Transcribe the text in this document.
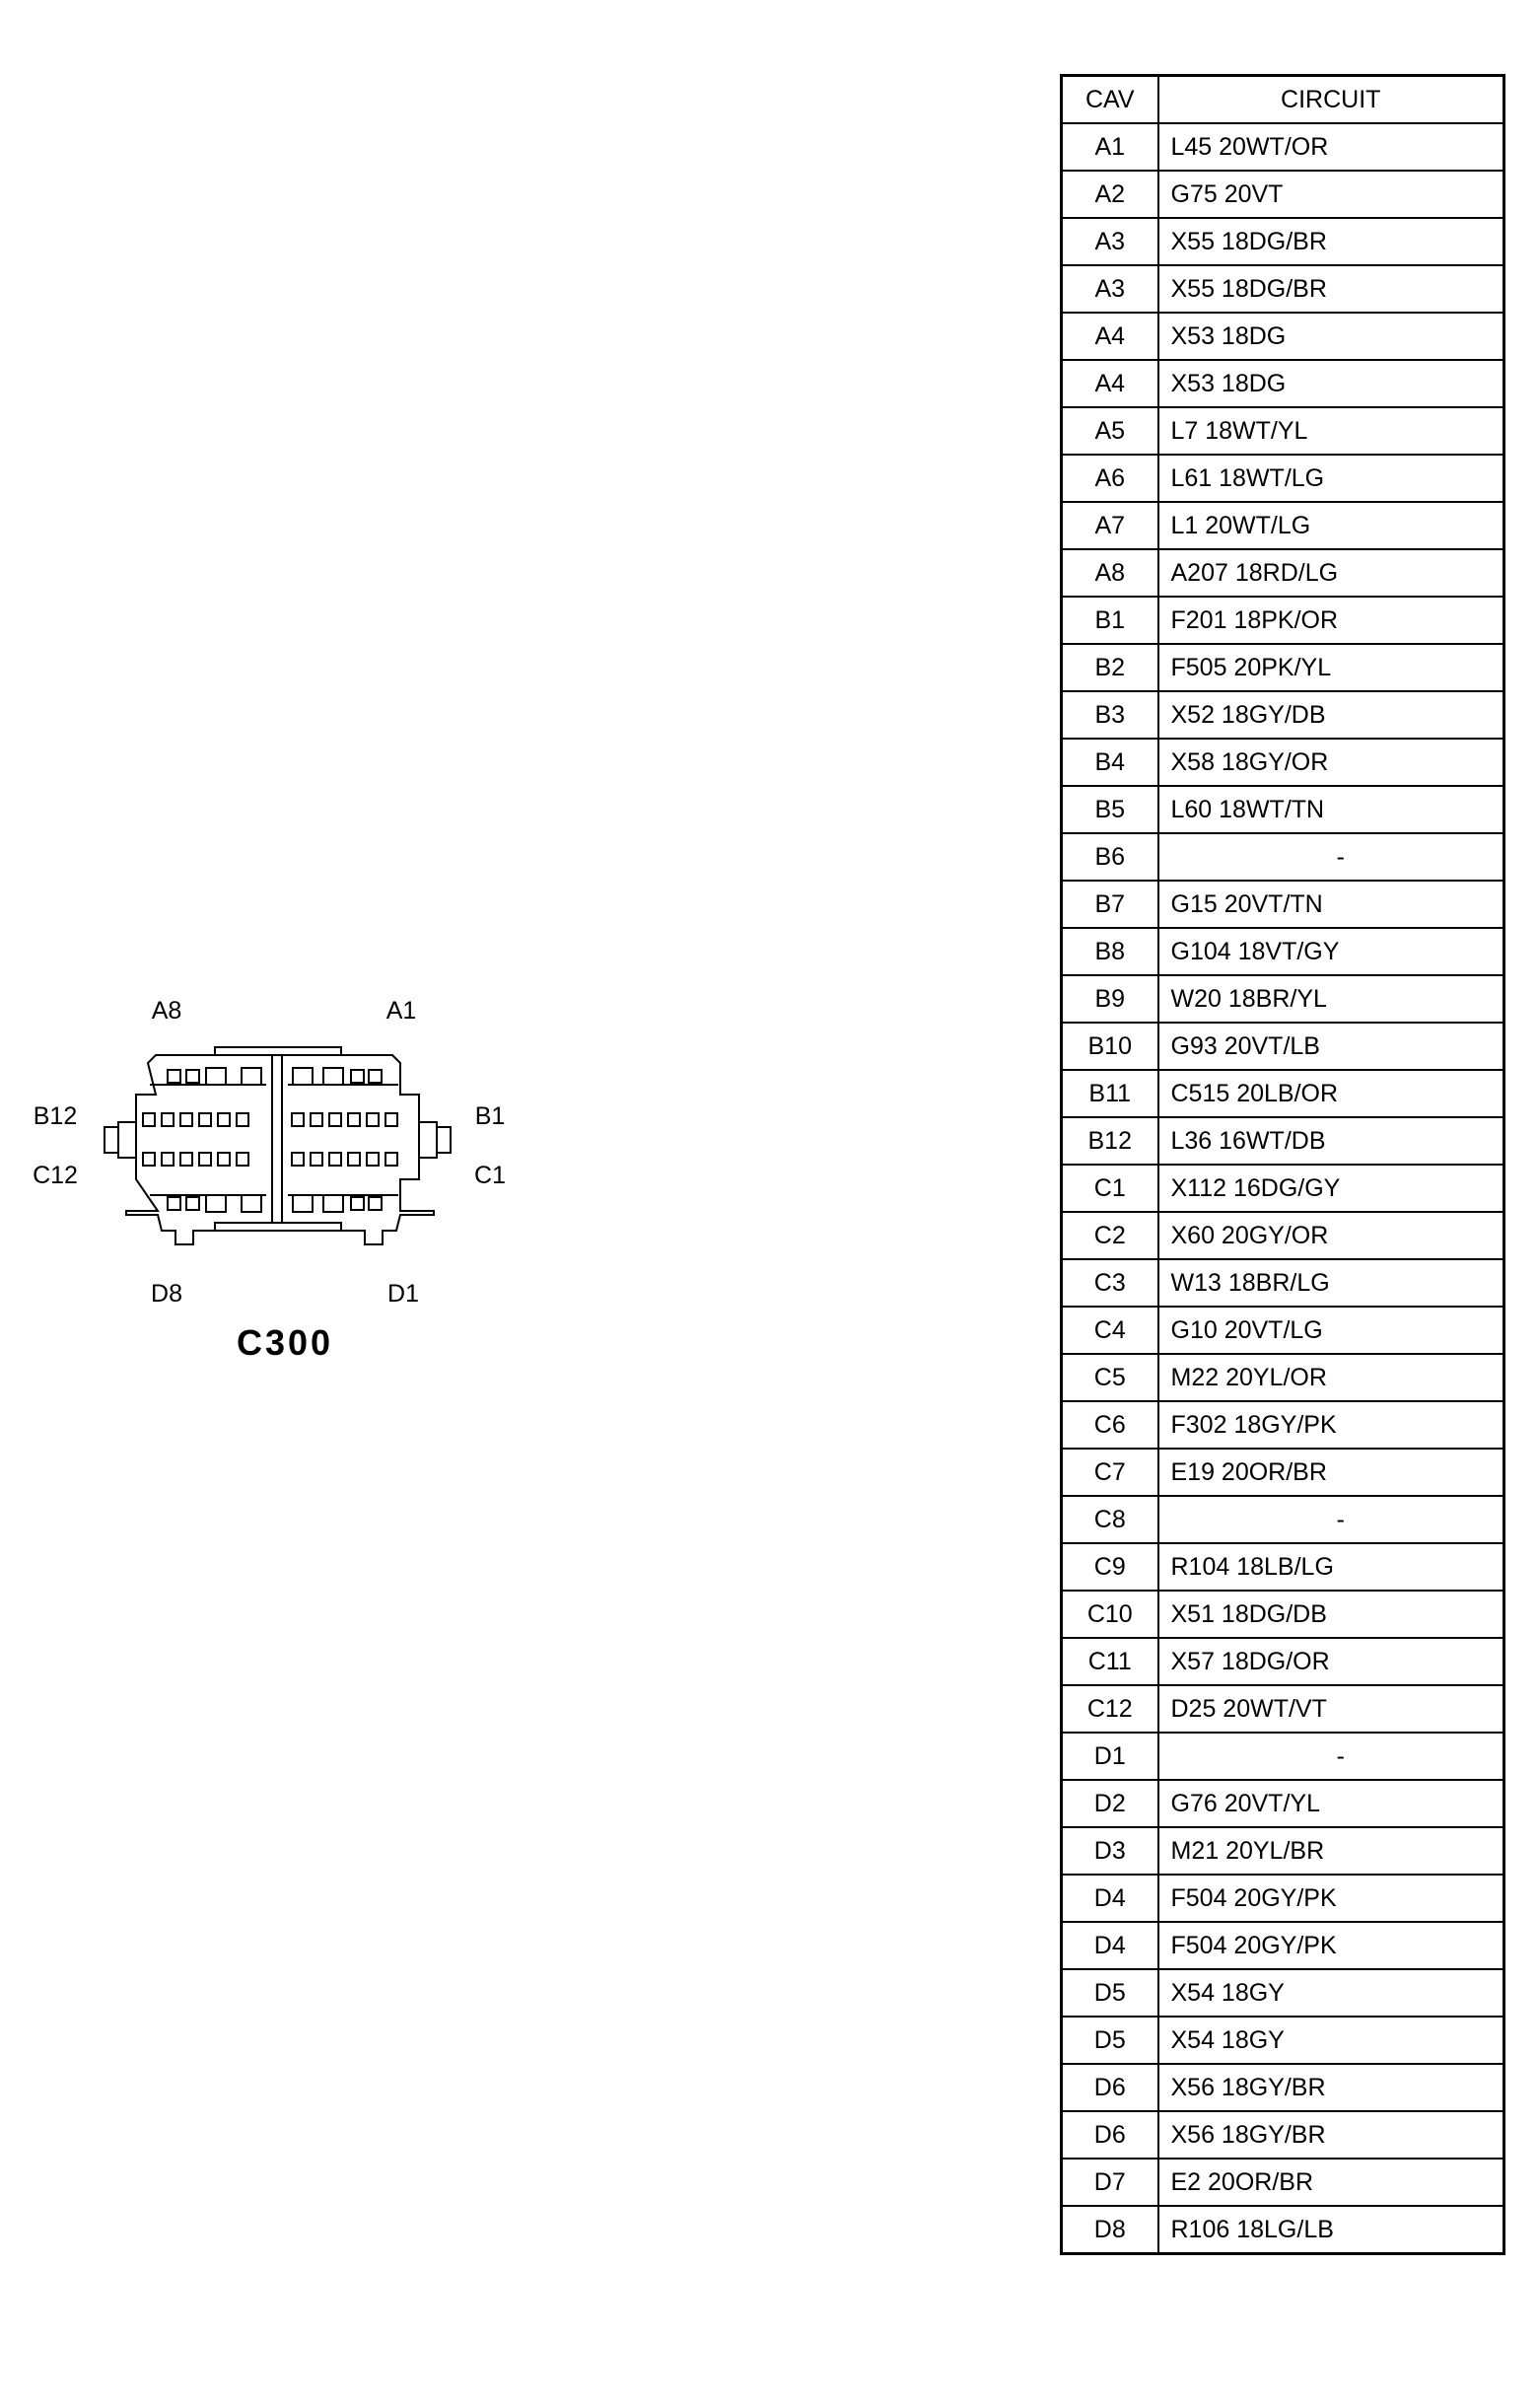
A8	A1
B12	B1
C12	C1
D8	D1
C300
CAV	CIRCUIT
A1	L45 20WT/OR
A2	G75 20VT
A3	X55 18DG/BR
A3	X55 18DG/BR
A4	X53 18DG
A4	X53 18DG
A5	L7 18WT/YL
A6	L61 18WT/LG
A7	L1 20WT/LG
A8	A207 18RD/LG
B1	F201 18PK/OR
B2	F505 20PK/YL
B3	X52 18GY/DB
B4	X58 18GY/OR
B5	L60 18WT/TN
B6	-
B7	G15 20VT/TN
B8	G104 18VT/GY
B9	W20 18BR/YL
B10	G93 20VT/LB
B11	C515 20LB/OR
B12	L36 16WT/DB
C1	X112 16DG/GY
C2	X60 20GY/OR
C3	W13 18BR/LG
C4	G10 20VT/LG
C5	M22 20YL/OR
C6	F302 18GY/PK
C7	E19 20OR/BR
C8	-
C9	R104 18LB/LG
C10	X51 18DG/DB
C11	X57 18DG/OR
C12	D25 20WT/VT
D1	-
D2	G76 20VT/YL
D3	M21 20YL/BR
D4	F504 20GY/PK
D4	F504 20GY/PK
D5	X54 18GY
D5	X54 18GY
D6	X56 18GY/BR
D6	X56 18GY/BR
D7	E2 20OR/BR
D8	R106 18LG/LB
